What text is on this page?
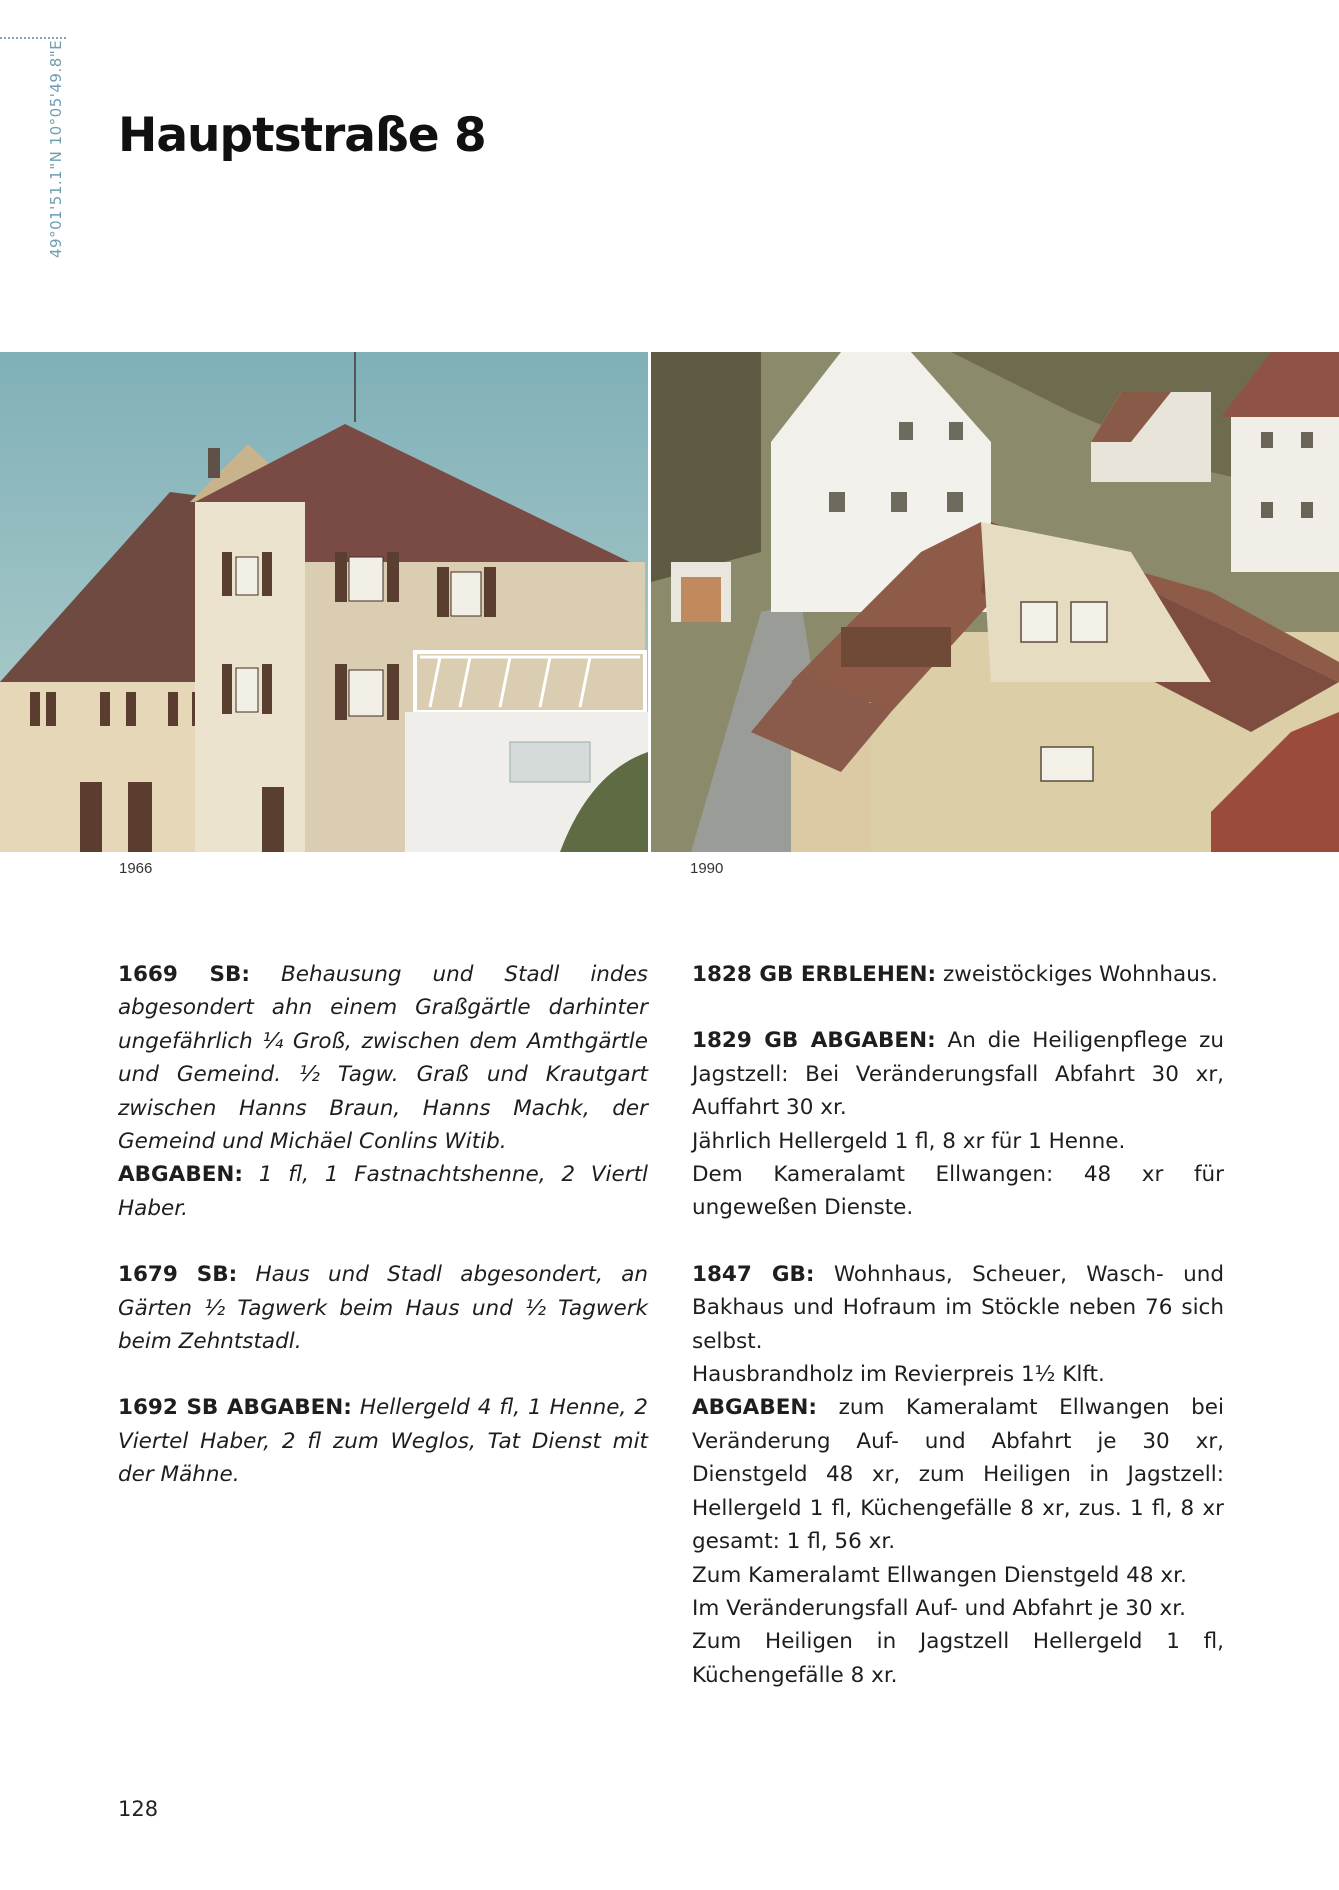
49°01'51.1"N 10°05'49.8"E Hauptstraße 8
1966	1990

1669 SB: Behausung und Stadl indes abgesondert ahn einem Graßgärtle darhinter ungefährlich ¼ Groß, zwischen dem Amthgärtle und Gemeind. ½ Tagw. Graß und Krautgart zwischen Hanns Braun, Hanns Machk, der Gemeind und Michäel Conlins Witib.
ABGABEN: 1 fl, 1 Fastnachtshenne, 2 Viertl Haber.

1679 SB: Haus und Stadl abgesondert, an Gärten ½ Tagwerk beim Haus und ½ Tagwerk beim Zehntstadl.

1692 SB ABGABEN: Hellergeld 4 fl, 1 Henne, 2 Viertel Haber, 2 fl zum Weglos, Tat Dienst mit der Mähne.

1828 GB ERBLEHEN: zweistöckiges Wohnhaus.

1829 GB ABGABEN: An die Heiligenpflege zu Jagstzell: Bei Veränderungsfall Abfahrt 30 xr, Auffahrt 30 xr.
Jährlich Hellergeld 1 fl, 8 xr für 1 Henne.
Dem Kameralamt Ellwangen: 48 xr für ungeweßen Dienste.

1847 GB: Wohnhaus, Scheuer, Wasch- und Bakhaus und Hofraum im Stöckle neben 76 sich selbst.
Hausbrandholz im Revierpreis 1½ Klft.
ABGABEN: zum Kameralamt Ellwangen bei Veränderung Auf- und Abfahrt je 30 xr, Dienstgeld 48 xr, zum Heiligen in Jagstzell: Hellergeld 1 fl, Küchengefälle 8 xr, zus. 1 fl, 8 xr gesamt: 1 fl, 56 xr.
Zum Kameralamt Ellwangen Dienstgeld 48 xr.
Im Veränderungsfall Auf- und Abfahrt je 30 xr.
Zum Heiligen in Jagstzell Hellergeld 1 fl, Küchengefälle 8 xr.

128
